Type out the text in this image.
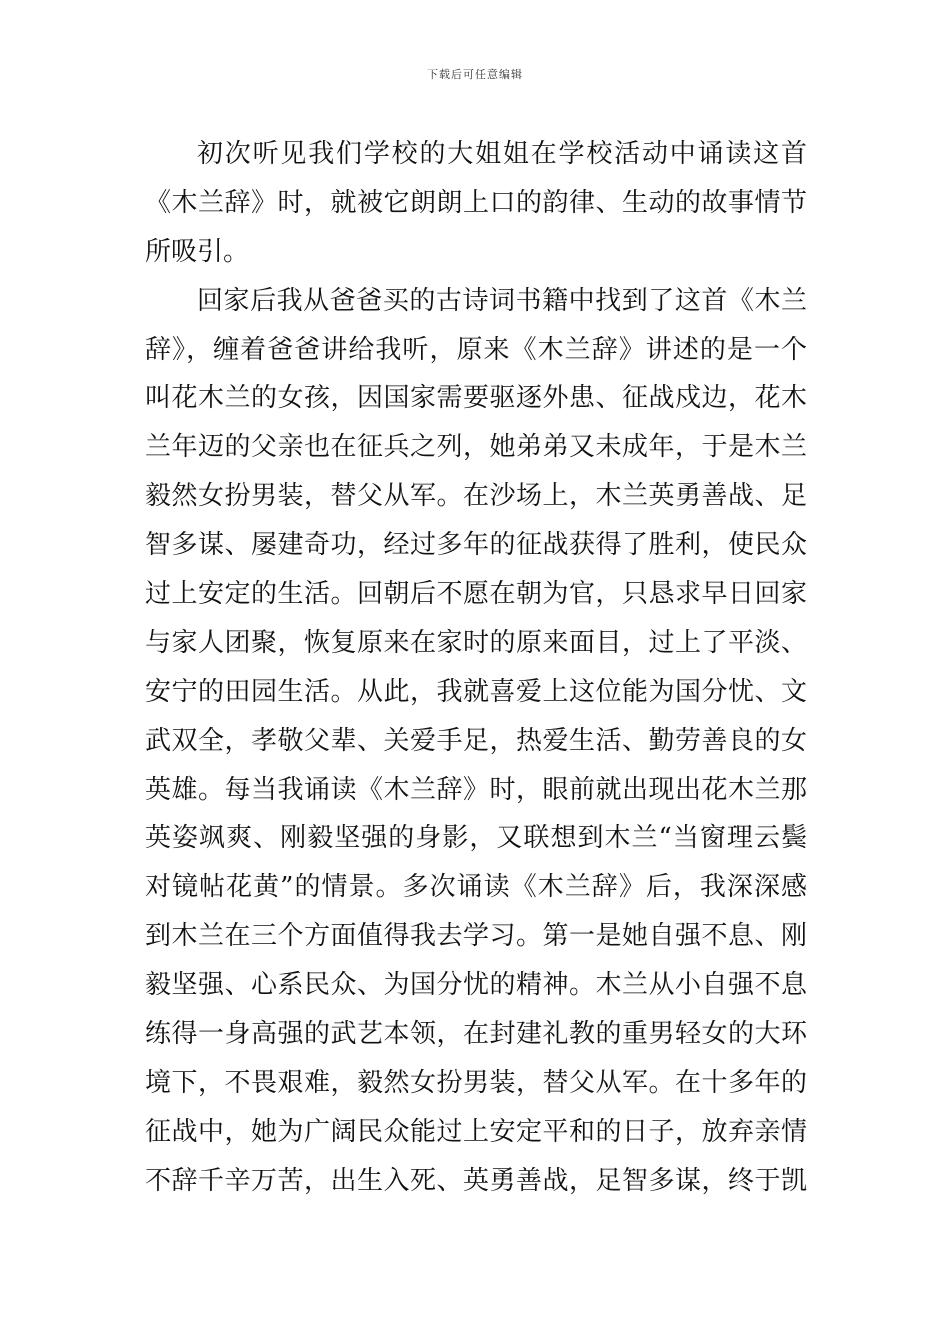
下载后可任意编辑
初次听见我们学校的大姐姐在学校活动中诵读这首
《木兰辞》时，就被它朗朗上口的韵律、生动的故事情节
所吸引。
回家后我从爸爸买的古诗词书籍中找到了这首《木兰
辞》，缠着爸爸讲给我听，原来《木兰辞》讲述的是一个
叫花木兰的女孩，因国家需要驱逐外患、征战戍边，花木
兰年迈的父亲也在征兵之列，她弟弟又未成年，于是木兰
毅然女扮男装，替父从军。在沙场上，木兰英勇善战、足
智多谋、屡建奇功，经过多年的征战获得了胜利，使民众
过上安定的生活。回朝后不愿在朝为官，只恳求早日回家
与家人团聚，恢复原来在家时的原来面目，过上了平淡、
安宁的田园生活。从此，我就喜爱上这位能为国分忧、文
武双全，孝敬父辈、关爱手足，热爱生活、勤劳善良的女
英雄。每当我诵读《木兰辞》时，眼前就出现出花木兰那
英姿飒爽、刚毅坚强的身影，又联想到木兰“当窗理云鬓
对镜帖花黄”的情景。多次诵读《木兰辞》后，我深深感
到木兰在三个方面值得我去学习。第一是她自强不息、刚
毅坚强、心系民众、为国分忧的精神。木兰从小自强不息
练得一身高强的武艺本领，在封建礼教的重男轻女的大环
境下，不畏艰难，毅然女扮男装，替父从军。在十多年的
征战中，她为广阔民众能过上安定平和的日子，放弃亲情
不辞千辛万苦，出生入死、英勇善战，足智多谋，终于凯
